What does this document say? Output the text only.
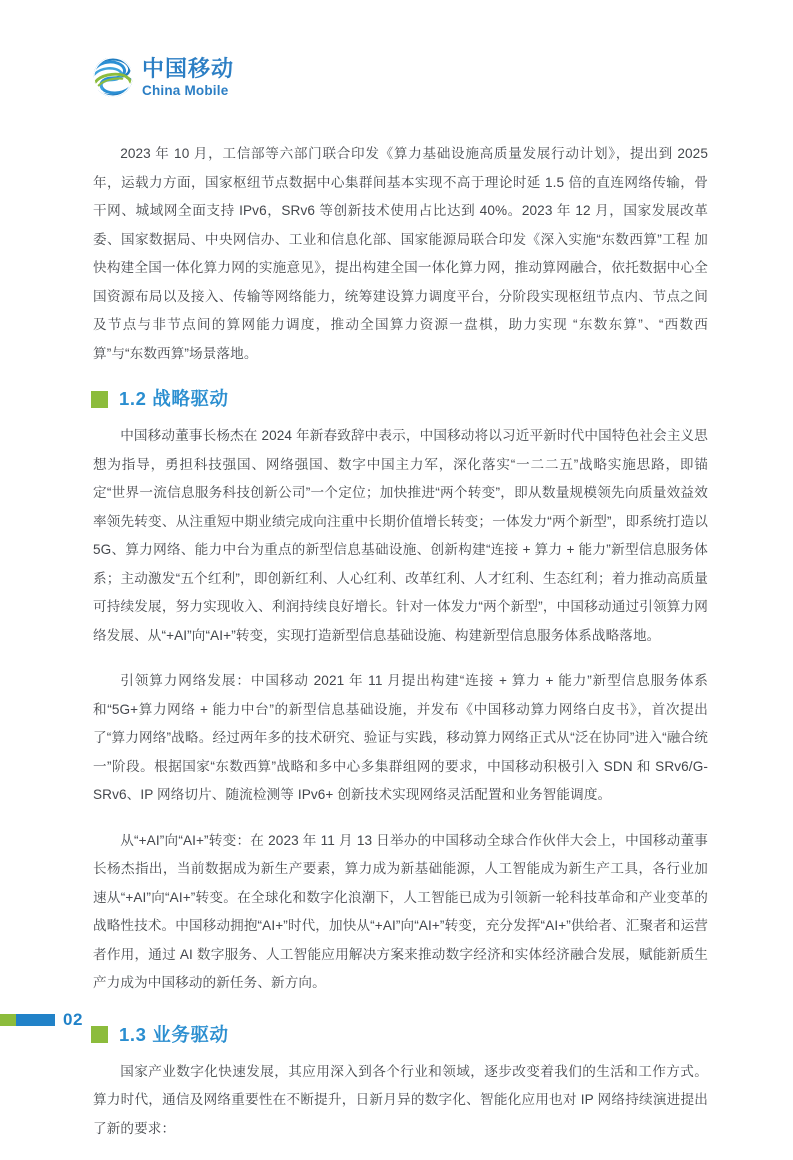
中国移动
China Mobile

2023 年 10 月，工信部等六部门联合印发《算力基础设施高质量发展行动计划》，提出到 2025 年，运载力方面，国家枢纽节点数据中心集群间基本实现不高于理论时延 1.5 倍的直连网络传输，骨干网、城域网全面支持 IPv6，SRv6 等创新技术使用占比达到 40%。2023 年 12 月，国家发展改革委、国家数据局、中央网信办、工业和信息化部、国家能源局联合印发《深入实施“东数西算”工程 加快构建全国一体化算力网的实施意见》，提出构建全国一体化算力网，推动算网融合，依托数据中心全国资源布局以及接入、传输等网络能力，统筹建设算力调度平台，分阶段实现枢纽节点内、节点之间及节点与非节点间的算网能力调度，推动全国算力资源一盘棋，助力实现 “东数东算”、“西数西算”与“东数西算”场景落地。

1.2 战略驱动

中国移动董事长杨杰在 2024 年新春致辞中表示，中国移动将以习近平新时代中国特色社会主义思想为指导，勇担科技强国、网络强国、数字中国主力军，深化落实“一二二五”战略实施思路，即锚定“世界一流信息服务科技创新公司”一个定位；加快推进“两个转变”，即从数量规模领先向质量效益效率领先转变、从注重短中期业绩完成向注重中长期价值增长转变；一体发力“两个新型”，即系统打造以 5G、算力网络、能力中台为重点的新型信息基础设施、创新构建“连接 + 算力 + 能力”新型信息服务体系；主动激发“五个红利”，即创新红利、人心红利、改革红利、人才红利、生态红利；着力推动高质量可持续发展，努力实现收入、利润持续良好增长。针对一体发力“两个新型”，中国移动通过引领算力网络发展、从“+AI”向“AI+”转变，实现打造新型信息基础设施、构建新型信息服务体系战略落地。

引领算力网络发展：中国移动 2021 年 11 月提出构建“连接 + 算力 + 能力”新型信息服务体系和“5G+算力网络 + 能力中台”的新型信息基础设施，并发布《中国移动算力网络白皮书》，首次提出了“算力网络”战略。经过两年多的技术研究、验证与实践，移动算力网络正式从“泛在协同”进入“融合统一”阶段。根据国家“东数西算”战略和多中心多集群组网的要求，中国移动积极引入 SDN 和 SRv6/G-SRv6、IP 网络切片、随流检测等 IPv6+ 创新技术实现网络灵活配置和业务智能调度。

从“+AI”向“AI+”转变：在 2023 年 11 月 13 日举办的中国移动全球合作伙伴大会上，中国移动董事长杨杰指出，当前数据成为新生产要素，算力成为新基础能源，人工智能成为新生产工具，各行业加速从“+AI”向“AI+”转变。在全球化和数字化浪潮下，人工智能已成为引领新一轮科技革命和产业变革的战略性技术。中国移动拥抱“AI+”时代，加快从“+AI”向“AI+”转变，充分发挥“AI+”供给者、汇聚者和运营者作用，通过 AI 数字服务、人工智能应用解决方案来推动数字经济和实体经济融合发展，赋能新质生产力成为中国移动的新任务、新方向。

1.3 业务驱动

国家产业数字化快速发展，其应用深入到各个行业和领域，逐步改变着我们的生活和工作方式。算力时代，通信及网络重要性在不断提升，日新月异的数字化、智能化应用也对 IP 网络持续演进提出了新的要求：

02
